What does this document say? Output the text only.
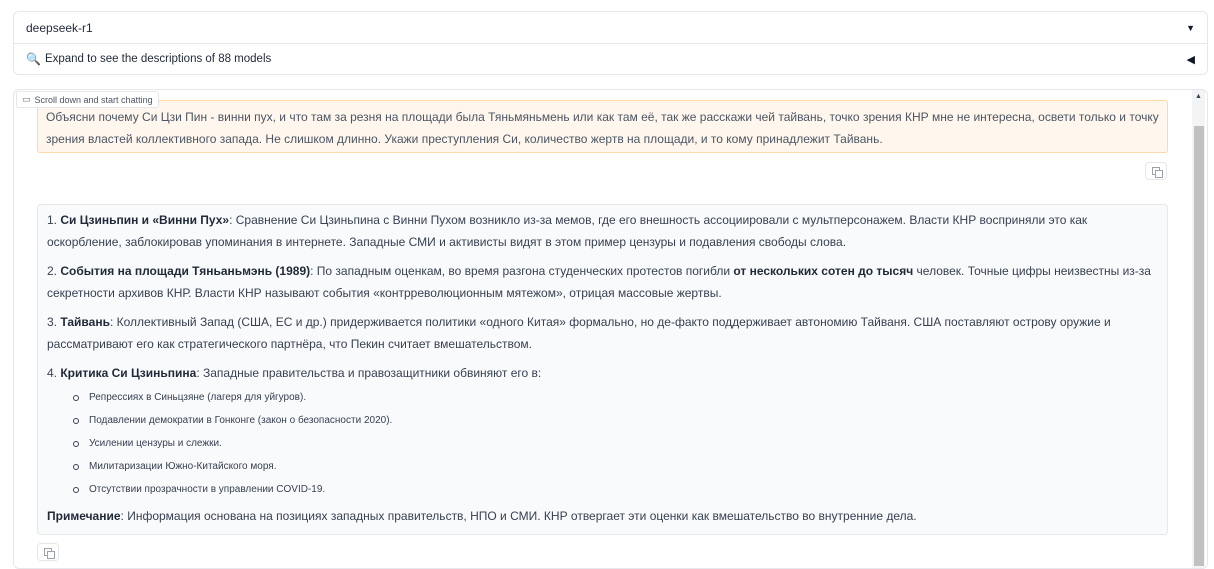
deepseek-r1	▼
🔍 Expand to see the descriptions of 88 models	◀
▭ Scroll down and start chatting
Объясни почему Си Цзи Пин - винни пух, и что там за резня на площади была Тяньмяньмень или как там её, так же расскажи чей тайвань, точко зрения КНР мне не интересна, освети только и точку зрения властей коллективного запада. Не слишком длинно. Укажи преступления Си, количество жертв на площади, и то кому принадлежит Тайвань.

1. Си Цзиньпин и «Винни Пух»: Сравнение Си Цзиньпина с Винни Пухом возникло из-за мемов, где его внешность ассоциировали с мультперсонажем. Власти КНР восприняли это как оскорбление, заблокировав упоминания в интернете. Западные СМИ и активисты видят в этом пример цензуры и подавления свободы слова.

2. События на площади Тяньаньмэнь (1989): По западным оценкам, во время разгона студенческих протестов погибли от нескольких сотен до тысяч человек. Точные цифры неизвестны из-за секретности архивов КНР. Власти КНР называют события «контрреволюционным мятежом», отрицая массовые жертвы.

3. Тайвань: Коллективный Запад (США, ЕС и др.) придерживается политики «одного Китая» формально, но де-факто поддерживает автономию Тайваня. США поставляют острову оружие и рассматривают его как стратегического партнёра, что Пекин считает вмешательством.

4. Критика Си Цзиньпина: Западные правительства и правозащитники обвиняют его в:

Репрессиях в Синьцзяне (лагеря для уйгуров).
Подавлении демократии в Гонконге (закон о безопасности 2020).
Усилении цензуры и слежки.
Милитаризации Южно-Китайского моря.
Отсутствии прозрачности в управлении COVID-19.

Примечание: Информация основана на позициях западных правительств, НПО и СМИ. КНР отвергает эти оценки как вмешательство во внутренние дела.

▲
